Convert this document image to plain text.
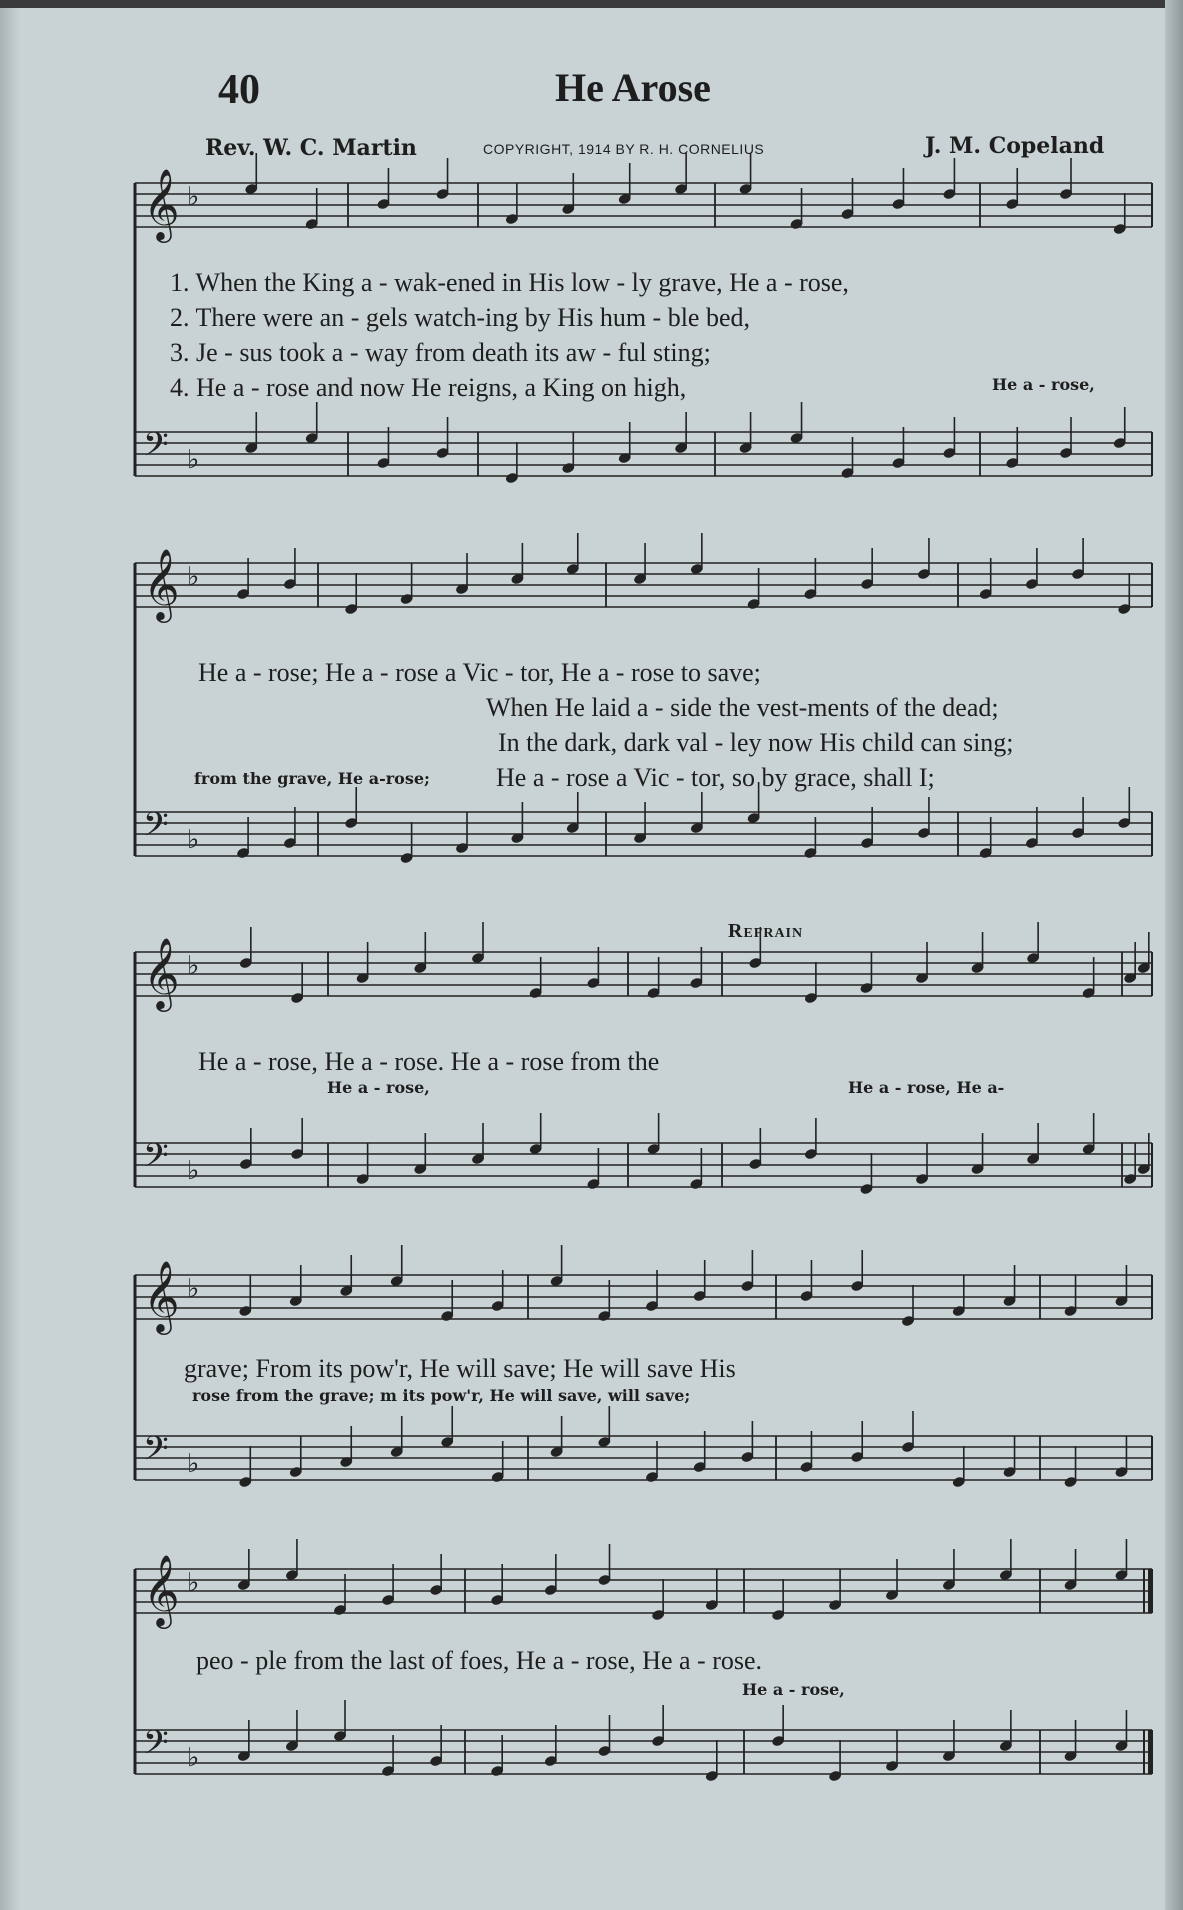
40	He Arose
Rev. W. C. Martin	COPYRIGHT, 1914 BY R. H. CORNELIUS	J. M. Copeland
𝄞 ♭
𝄢 ♭
𝄞 ♭
𝄢 ♭
𝄞 ♭
𝄢 ♭
𝄞 ♭
𝄢 ♭
𝄞 ♭
𝄢 ♭
1. When the King a - wak-ened in His low - ly grave, He a - rose,
2. There were an - gels watch-ing by His hum - ble bed,
3. Je - sus took a - way from death its aw - ful sting;
4. He a - rose and now He reigns, a King on high,	He a - rose,
He a - rose; He a - rose a Vic - tor, He a - rose to save;
When He laid a - side the vest-ments of the dead;
In the dark, dark val - ley now His child can sing;
from the grave, He a-rose;	He a - rose a Vic - tor, so by grace, shall I;
Refrain
He a - rose, He a - rose. He a - rose from the
He a - rose,	He a - rose, He a-
grave; From its pow'r, He will save; He will save His
rose from the grave; m its pow'r, He will save, will save;
peo - ple from the last of foes, He a - rose, He a - rose.
He a - rose,
